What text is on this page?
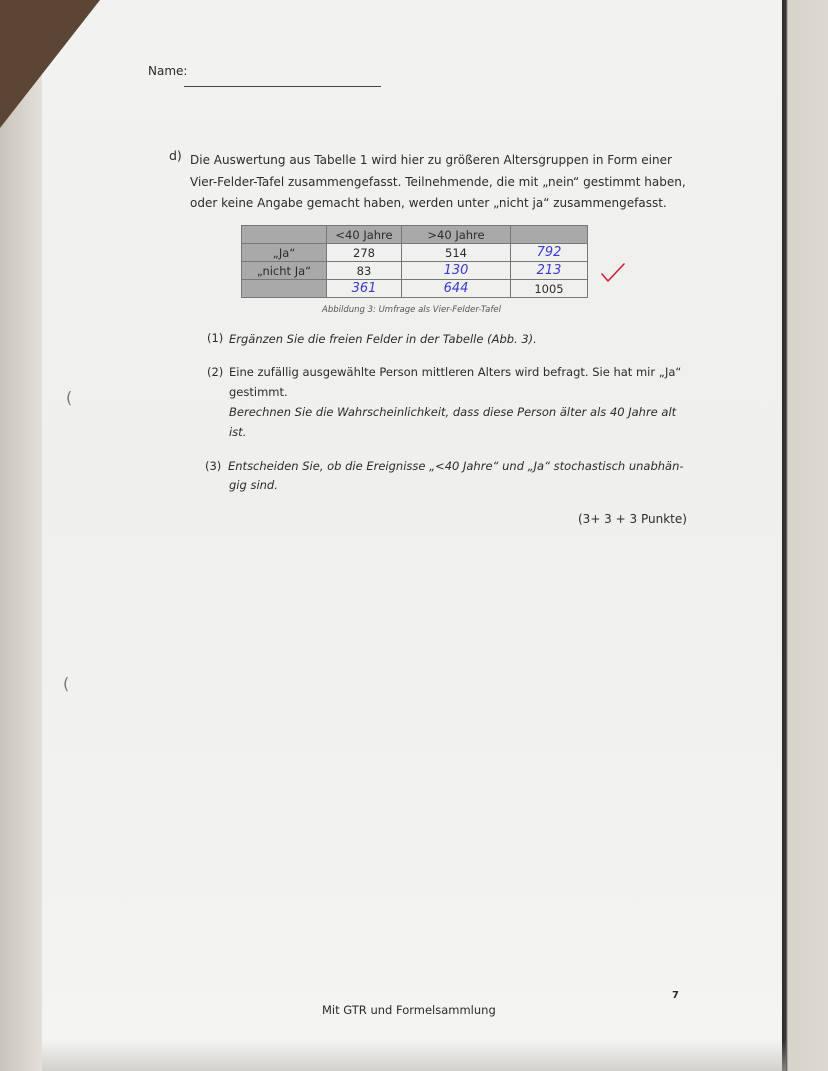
Name:
d) Die Auswertung aus Tabelle 1 wird hier zu größeren Altersgruppen in Form einer
Vier-Felder-Tafel zusammengefasst. Teilnehmende, die mit „nein“ gestimmt haben,
oder keine Angabe gemacht haben, werden unter „nicht ja“ zusammengefasst.
	<40 Jahre	>40 Jahre	
„Ja“	278	514	792
„nicht Ja“	83	130	213
	361	644	1005
Abbildung 3: Umfrage als Vier-Felder-Tafel
(1) Ergänzen Sie die freien Felder in der Tabelle (Abb. 3).
(2) Eine zufällig ausgewählte Person mittleren Alters wird befragt. Sie hat mir „Ja“
gestimmt.
Berechnen Sie die Wahrscheinlichkeit, dass diese Person älter als 40 Jahre alt
ist.
(3) Entscheiden Sie, ob die Ereignisse „<40 Jahre“ und „Ja“ stochastisch unabhän-
gig sind.
(
(
(3+ 3 + 3 Punkte)
7
Mit GTR und Formelsammlung
